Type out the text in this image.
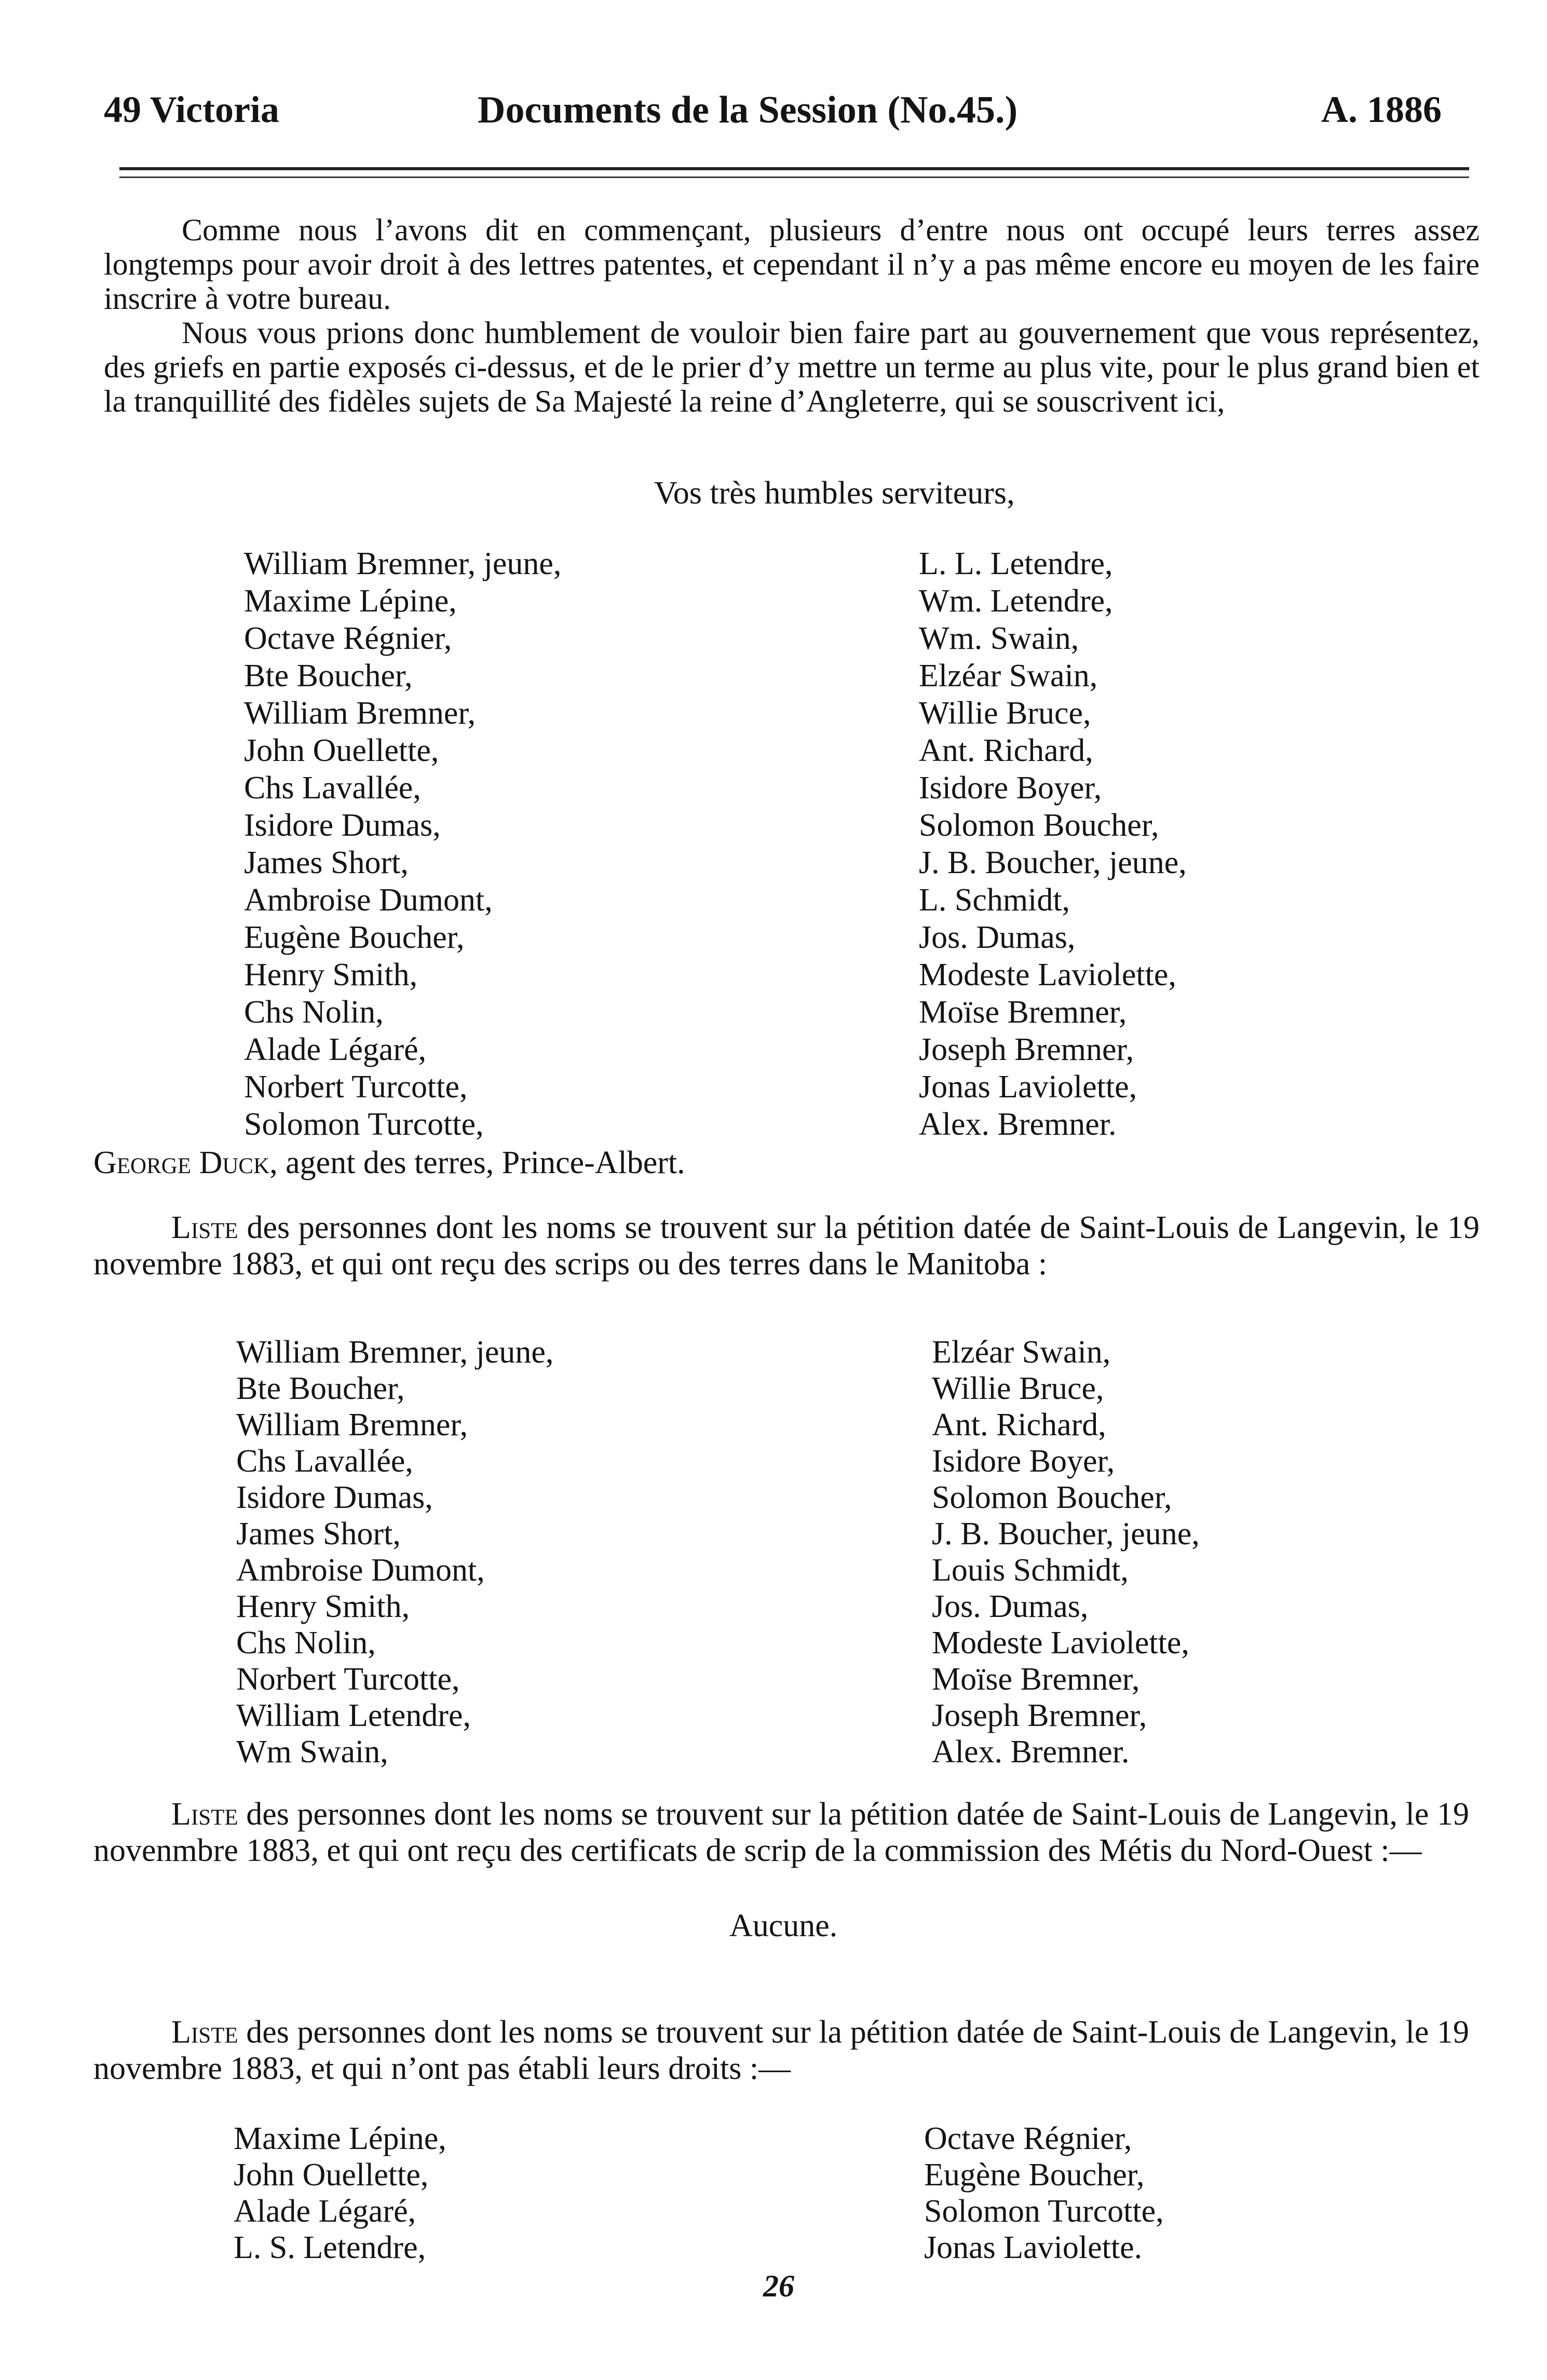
49 Victoria	Documents de la Session (No.45.)	A. 1886

Comme nous l’avons dit en commençant, plusieurs d’entre nous ont occupé leurs terres assez longtemps pour avoir droit à des lettres patentes, et cependant il n’y a pas même encore eu moyen de les faire inscrire à votre bureau.

Nous vous prions donc humblement de vouloir bien faire part au gouvernement que vous représentez, des griefs en partie exposés ci-dessus, et de le prier d’y mettre un terme au plus vite, pour le plus grand bien et la tranquillité des fidèles sujets de Sa Majesté la reine d’Angleterre, qui se souscrivent ici,

Vos très humbles serviteurs,
William Bremner, jeune,
Maxime Lépine,
Octave Régnier,
Bte Boucher,
William Bremner,
John Ouellette,
Chs Lavallée,
Isidore Dumas,
James Short,
Ambroise Dumont,
Eugène Boucher,
Henry Smith,
Chs Nolin,
Alade Légaré,
Norbert Turcotte,
Solomon Turcotte,
L. L. Letendre,
Wm. Letendre,
Wm. Swain,
Elzéar Swain,
Willie Bruce,
Ant. Richard,
Isidore Boyer,
Solomon Boucher,
J. B. Boucher, jeune,
L. Schmidt,
Jos. Dumas,
Modeste Laviolette,
Moïse Bremner,
Joseph Bremner,
Jonas Laviolette,
Alex. Bremner.
George Duck, agent des terres, Prince-Albert.

Liste des personnes dont les noms se trouvent sur la pétition datée de Saint-Louis de Langevin, le 19 novembre 1883, et qui ont reçu des scrips ou des terres dans le Manitoba :

William Bremner, jeune,
Bte Boucher,
William Bremner,
Chs Lavallée,
Isidore Dumas,
James Short,
Ambroise Dumont,
Henry Smith,
Chs Nolin,
Norbert Turcotte,
William Letendre,
Wm Swain,
Elzéar Swain,
Willie Bruce,
Ant. Richard,
Isidore Boyer,
Solomon Boucher,
J. B. Boucher, jeune,
Louis Schmidt,
Jos. Dumas,
Modeste Laviolette,
Moïse Bremner,
Joseph Bremner,
Alex. Bremner.

Liste des personnes dont les noms se trouvent sur la pétition datée de Saint-Louis de Langevin, le 19 novenmbre 1883, et qui ont reçu des certificats de scrip de la commission des Métis du Nord-Ouest :—

Aucune.

Liste des personnes dont les noms se trouvent sur la pétition datée de Saint-Louis de Langevin, le 19 novembre 1883, et qui n’ont pas établi leurs droits :—

Maxime Lépine,
John Ouellette,
Alade Légaré,
L. S. Letendre,
Octave Régnier,
Eugène Boucher,
Solomon Turcotte,
Jonas Laviolette.
26
